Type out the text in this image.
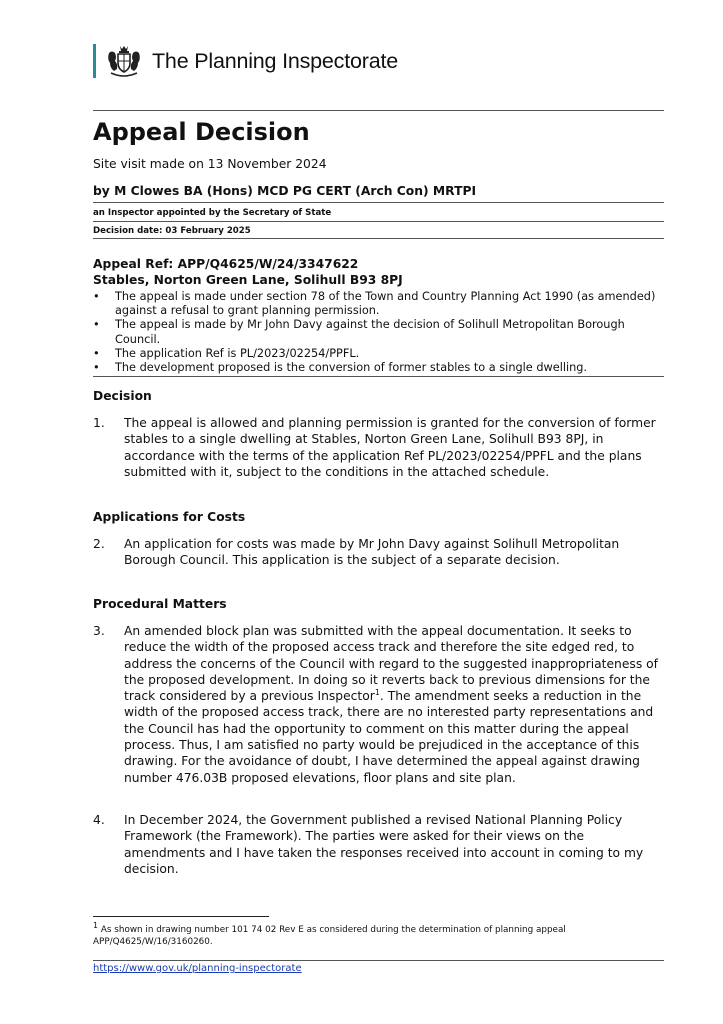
The Planning Inspectorate
Appeal Decision
Site visit made on 13 November 2024
by M Clowes BA (Hons) MCD PG CERT (Arch Con) MRTPI
an Inspector appointed by the Secretary of State
Decision date: 03 February 2025
Appeal Ref: APP/Q4625/W/24/3347622
Stables, Norton Green Lane, Solihull B93 8PJ
• The appeal is made under section 78 of the Town and Country Planning Act 1990 (as amended) against a refusal to grant planning permission.
• The appeal is made by Mr John Davy against the decision of Solihull Metropolitan Borough Council.
• The application Ref is PL/2023/02254/PPFL.
• The development proposed is the conversion of former stables to a single dwelling.
Decision
1. The appeal is allowed and planning permission is granted for the conversion of former stables to a single dwelling at Stables, Norton Green Lane, Solihull B93 8PJ, in accordance with the terms of the application Ref PL/2023/02254/PPFL and the plans submitted with it, subject to the conditions in the attached schedule.
Applications for Costs
2. An application for costs was made by Mr John Davy against Solihull Metropolitan Borough Council. This application is the subject of a separate decision.
Procedural Matters
3. An amended block plan was submitted with the appeal documentation. It seeks to reduce the width of the proposed access track and therefore the site edged red, to address the concerns of the Council with regard to the suggested inappropriateness of the proposed development. In doing so it reverts back to previous dimensions for the track considered by a previous Inspector$^1$. The amendment seeks a reduction in the width of the proposed access track, there are no interested party representations and the Council has had the opportunity to comment on this matter during the appeal process. Thus, I am satisfied no party would be prejudiced in the acceptance of this drawing. For the avoidance of doubt, I have determined the appeal against drawing number 476.03B proposed elevations, floor plans and site plan.
4. In December 2024, the Government published a revised National Planning Policy Framework (the Framework). The parties were asked for their views on the amendments and I have taken the responses received into account in coming to my decision.
$^1$ As shown in drawing number 101 74 02 Rev E as considered during the determination of planning appeal APP/Q4625/W/16/3160260.
https://www.gov.uk/planning-inspectorate
